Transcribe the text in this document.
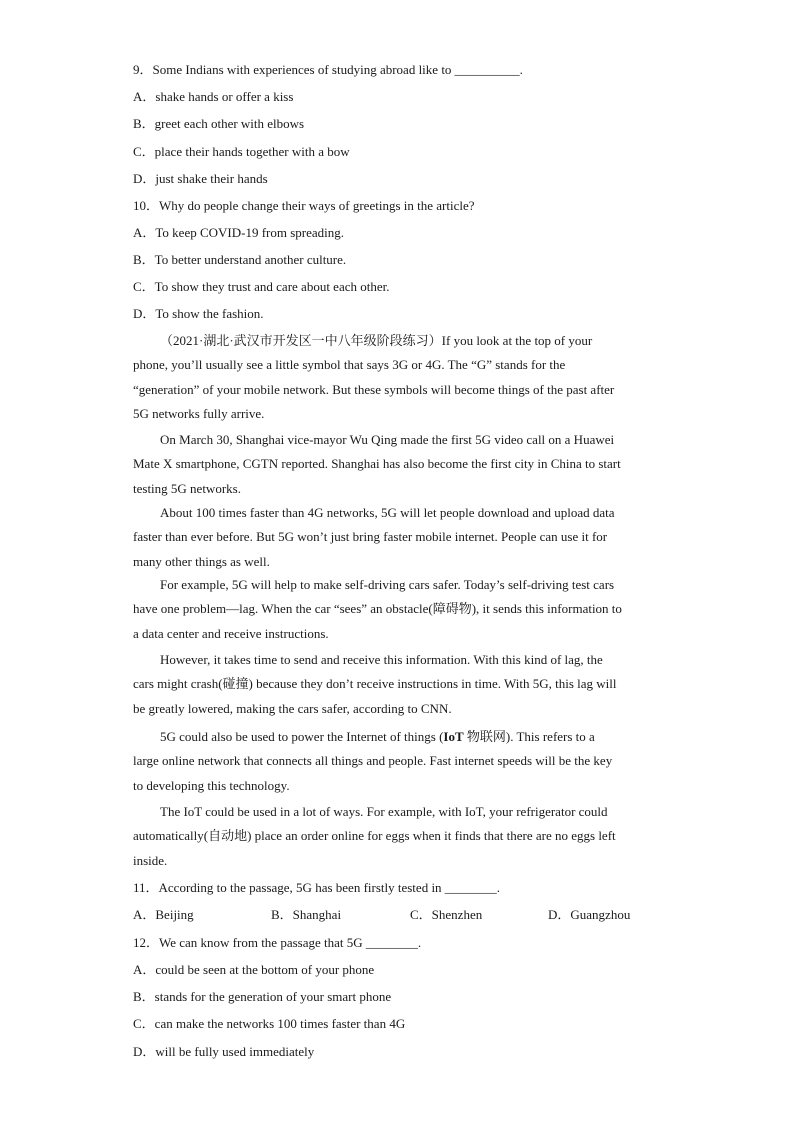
9．Some Indians with experiences of studying abroad like to __________.
A．shake hands or offer a kiss
B．greet each other with elbows
C．place their hands together with a bow
D．just shake their hands
10．Why do people change their ways of greetings in the article?
A．To keep COVID-19 from spreading.
B．To better understand another culture.
C．To show they trust and care about each other.
D．To show the fashion.
（2021·湖北·武汉市开发区一中八年级阶段练习）If you look at the top of your
phone, you’ll usually see a little symbol that says 3G or 4G. The “G” stands for the
“generation” of your mobile network. But these symbols will become things of the past after
5G networks fully arrive.
On March 30, Shanghai vice-mayor Wu Qing made the first 5G video call on a Huawei
Mate X smartphone, CGTN reported. Shanghai has also become the first city in China to start
testing 5G networks.
About 100 times faster than 4G networks, 5G will let people download and upload data
faster than ever before. But 5G won’t just bring faster mobile internet. People can use it for
many other things as well.
For example, 5G will help to make self-driving cars safer. Today’s self-driving test cars
have one problem—lag. When the car “sees” an obstacle(障碍物), it sends this information to
a data center and receive instructions.
However, it takes time to send and receive this information. With this kind of lag, the
cars might crash(碰撞) because they don’t receive instructions in time. With 5G, this lag will
be greatly lowered, making the cars safer, according to CNN.
5G could also be used to power the Internet of things (IoT 物联网). This refers to a
large online network that connects all things and people. Fast internet speeds will be the key
to developing this technology.
The IoT could be used in a lot of ways. For example, with IoT, your refrigerator could
automatically(自动地) place an order online for eggs when it finds that there are no eggs left
inside.
11．According to the passage, 5G has been firstly tested in ________.
A．Beijing	B．Shanghai	C．Shenzhen	D．Guangzhou
12．We can know from the passage that 5G ________.
A．could be seen at the bottom of your phone
B．stands for the generation of your smart phone
C．can make the networks 100 times faster than 4G
D．will be fully used immediately
